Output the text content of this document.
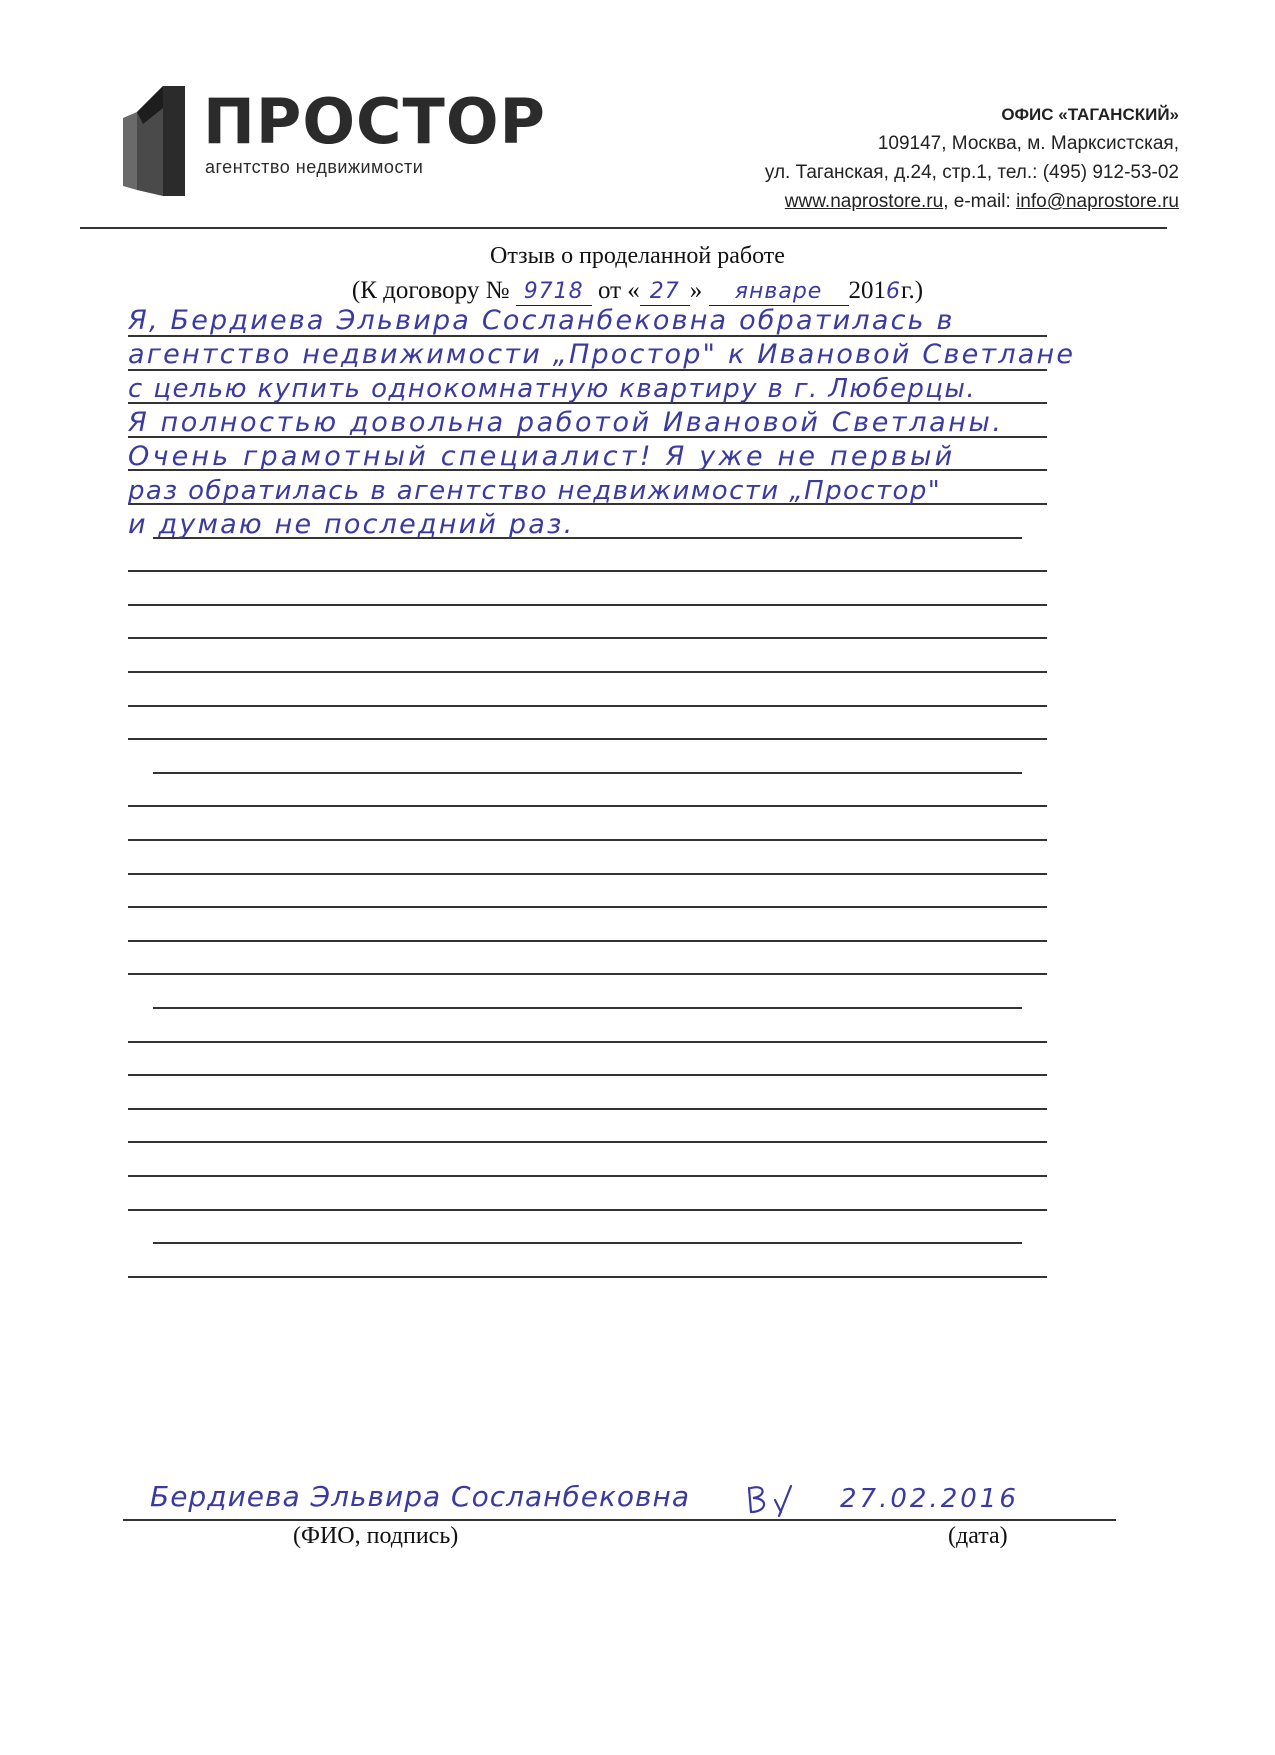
ПРОСТОР
агентство недвижимости
ОФИС «ТАГАНСКИЙ»
109147, Москва, м. Марксистская,
ул. Таганская, д.24, стр.1, тел.: (495) 912-53-02
www.naprostore.ru, e-mail: info@naprostore.ru
Отзыв о проделанной работе
(К договору № 9718 от « 27 » январе 2016г.)
Я, Бердиева Эльвира Сосланбековна обратилась в
агентство недвижимости „Простор" к Ивановой Светлане
с целью купить однокомнатную квартиру в г. Люберцы.
Я полностью довольна работой Ивановой Светланы.
Очень грамотный специалист! Я уже не первый
раз обратилась в агентство недвижимости „Простор"
и думаю не последний раз.
Бердиева Эльвира Сосланбековна	27.02.2016
(ФИО, подпись)	(дата)
